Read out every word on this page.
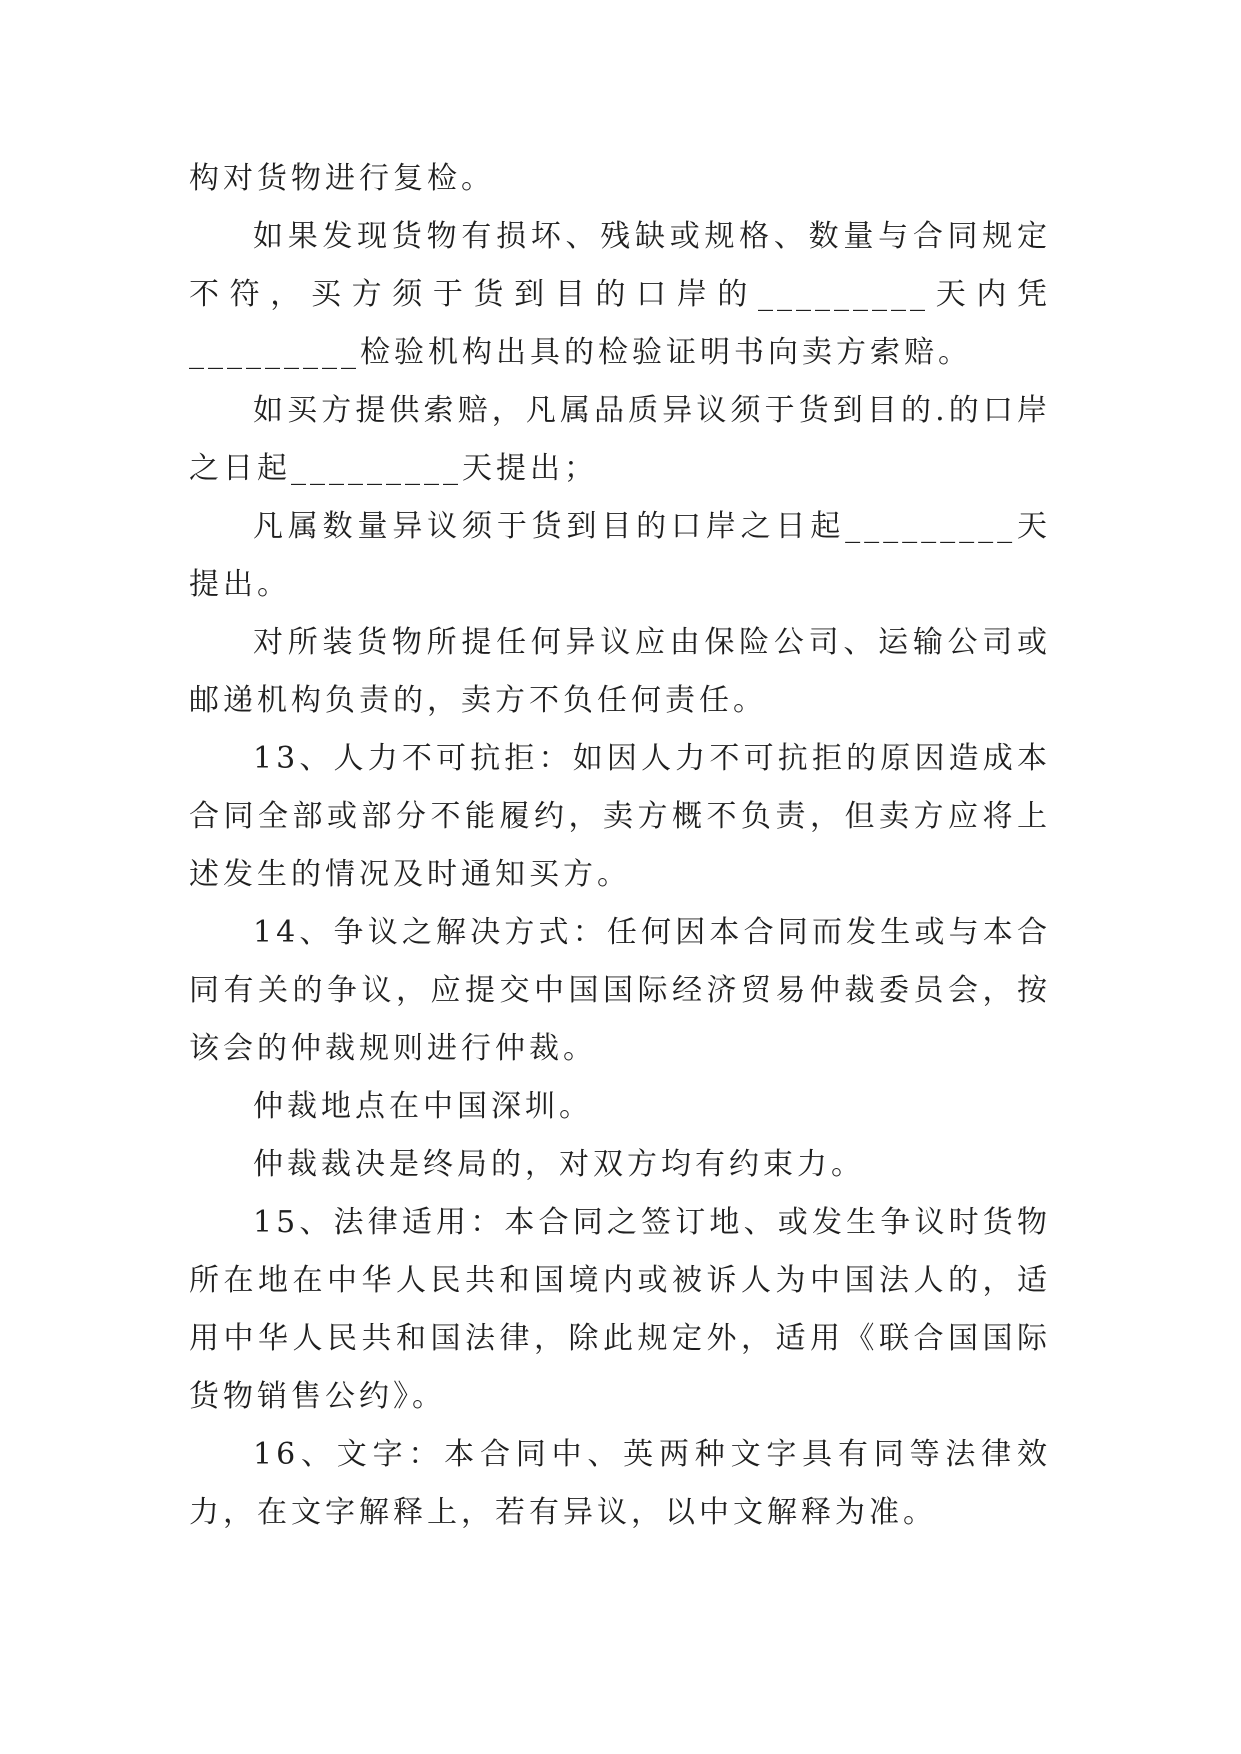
构对货物进行复检。

如果发现货物有损坏、残缺或规格、数量与合同规定不符，买方须于货到目的口岸的_________天内凭_________检验机构出具的检验证明书向卖方索赔。

如买方提供索赔，凡属品质异议须于货到目的.的口岸之日起_________天提出；

凡属数量异议须于货到目的口岸之日起_________天提出。

对所装货物所提任何异议应由保险公司、运输公司或邮递机构负责的，卖方不负任何责任。

13、人力不可抗拒：如因人力不可抗拒的原因造成本合同全部或部分不能履约，卖方概不负责，但卖方应将上述发生的情况及时通知买方。

14、争议之解决方式：任何因本合同而发生或与本合同有关的争议，应提交中国国际经济贸易仲裁委员会，按该会的仲裁规则进行仲裁。

仲裁地点在中国深圳。

仲裁裁决是终局的，对双方均有约束力。

15、法律适用：本合同之签订地、或发生争议时货物所在地在中华人民共和国境内或被诉人为中国法人的，适用中华人民共和国法律，除此规定外，适用《联合国国际货物销售公约》。

16、文字：本合同中、英两种文字具有同等法律效力，在文字解释上，若有异议，以中文解释为准。
